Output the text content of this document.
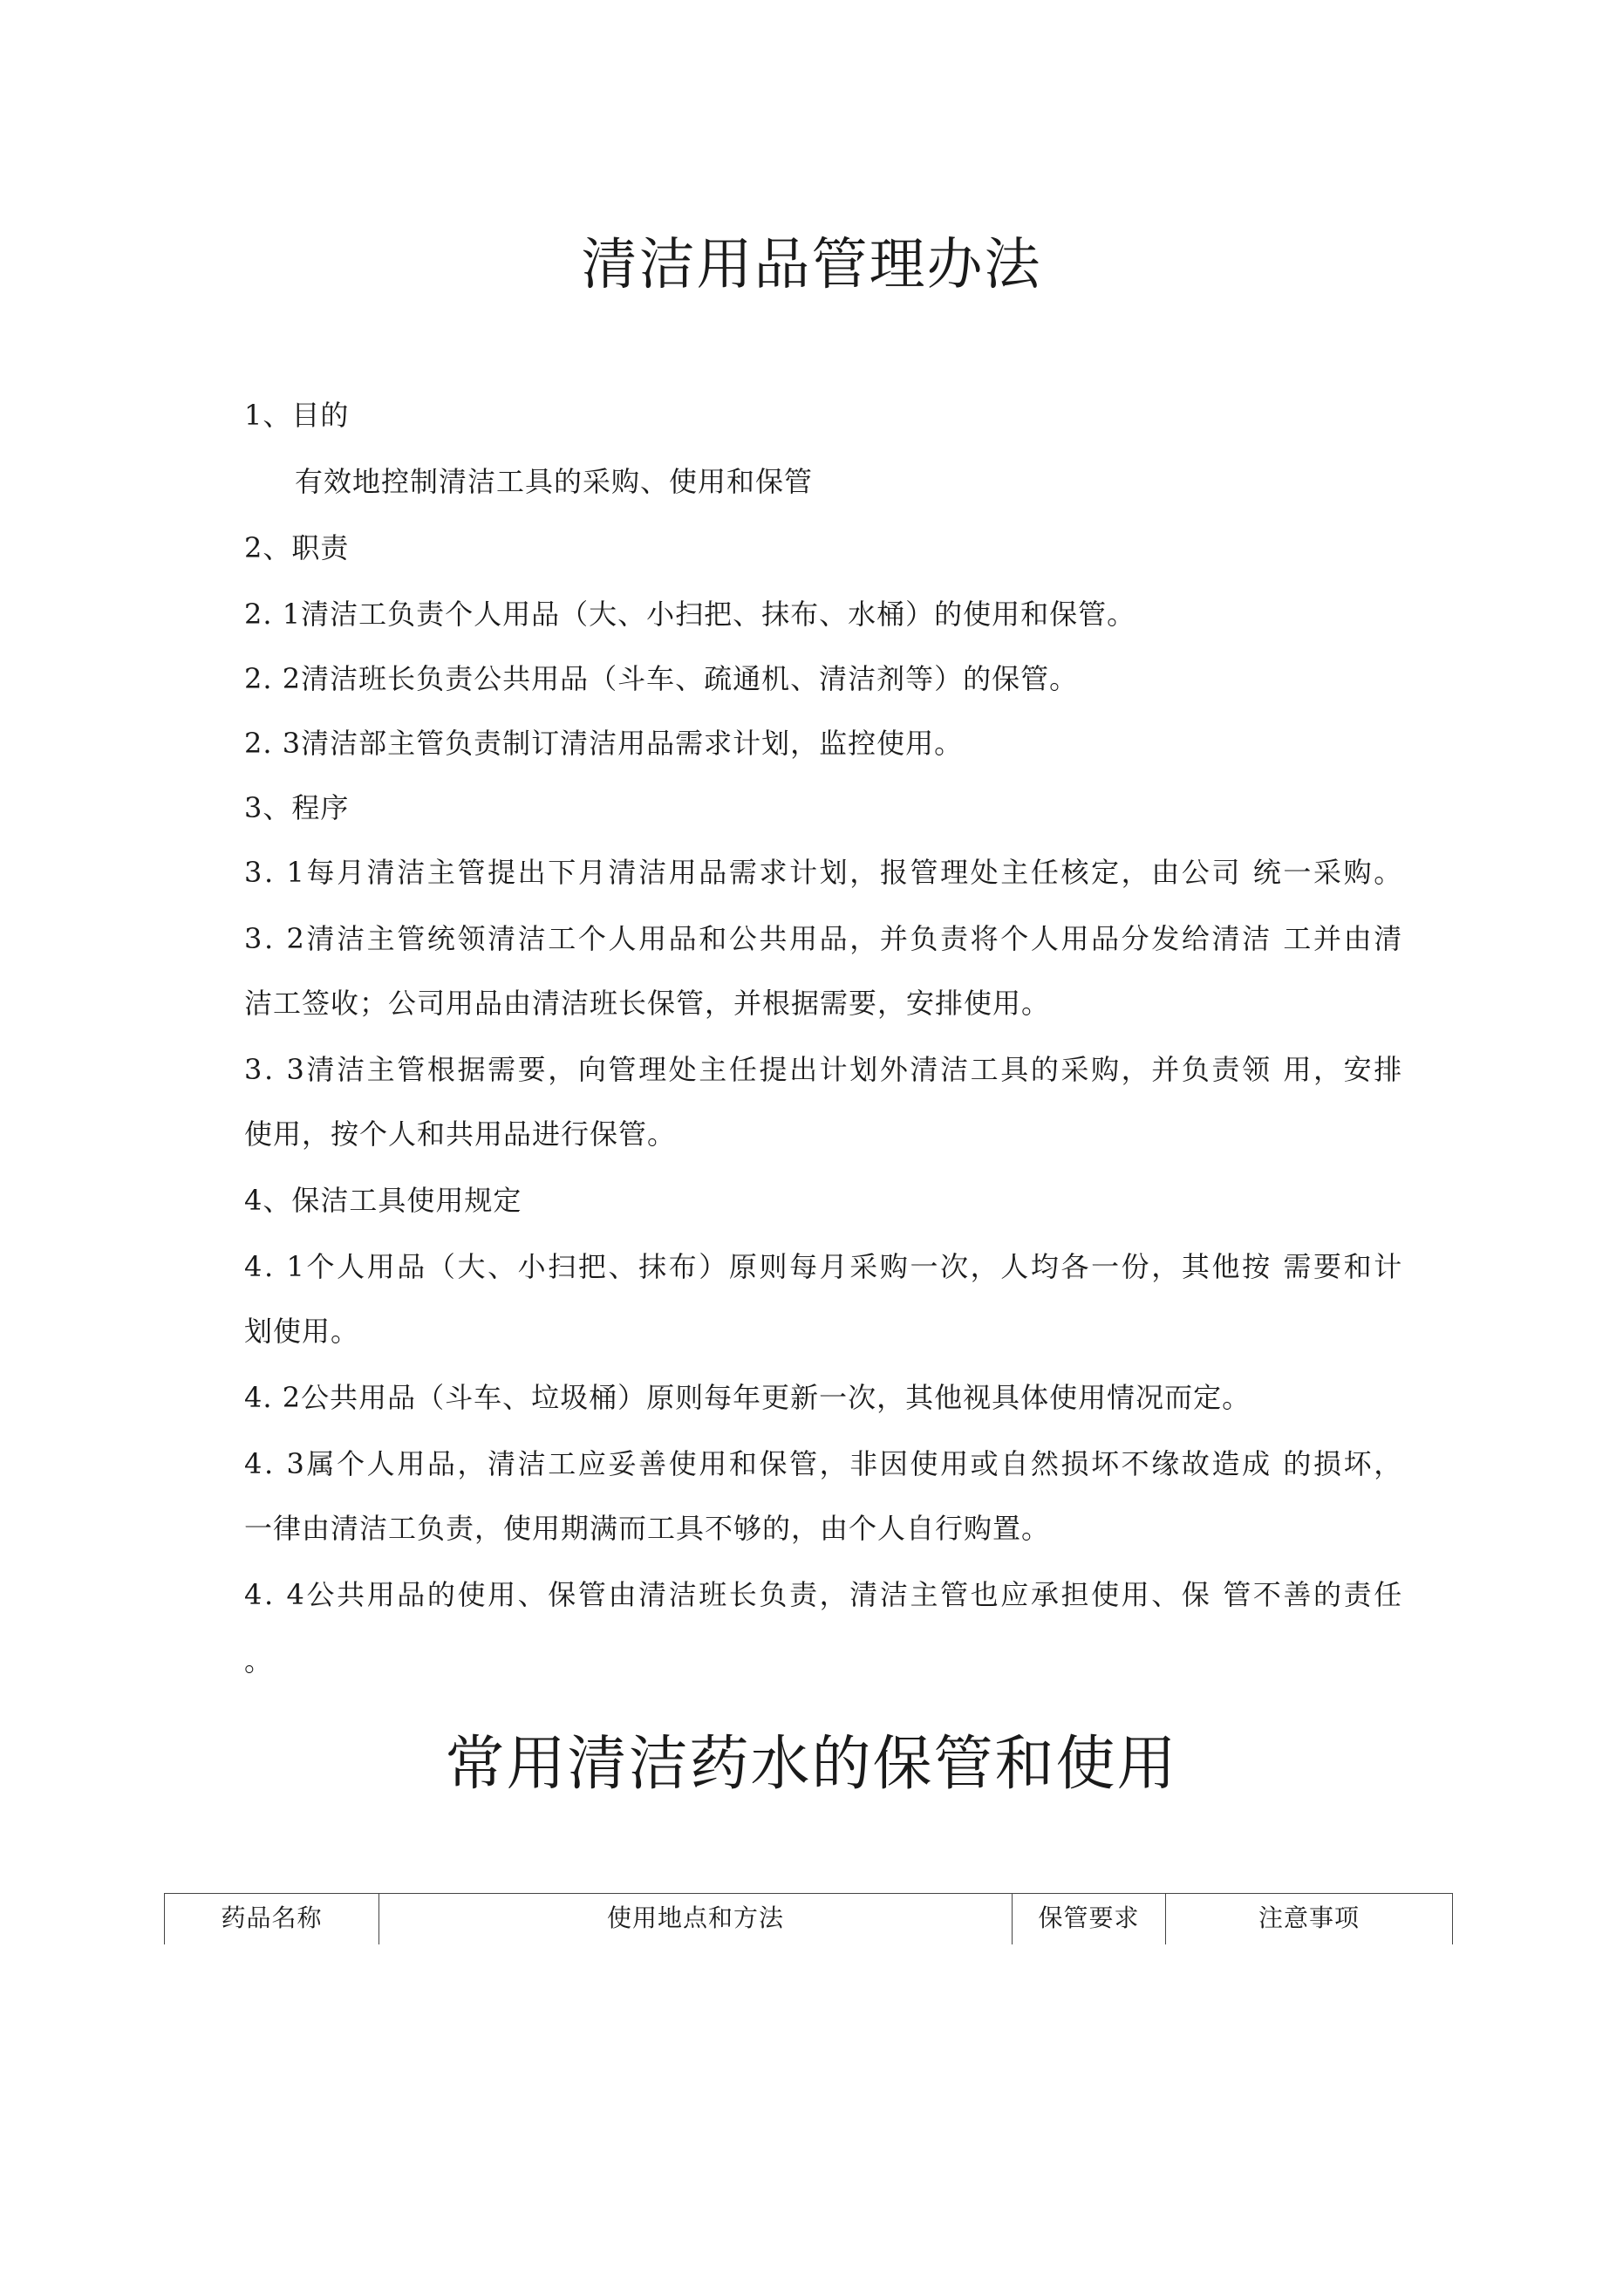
清洁用品管理办法
1、目的
有效地控制清洁工具的采购、使用和保管
2、职责
2. 1清洁工负责个人用品（大、小扫把、抹布、水桶）的使用和保管。
2. 2清洁班长负责公共用品（斗车、疏通机、清洁剂等）的保管。
2. 3清洁部主管负责制订清洁用品需求计划，监控使用。
3、程序
3. 1每月清洁主管提出下月清洁用品需求计划，报管理处主任核定，由公司 统一采购。
3. 2清洁主管统领清洁工个人用品和公共用品，并负责将个人用品分发给清洁 工并由清
洁工签收；公司用品由清洁班长保管，并根据需要，安排使用。
3. 3清洁主管根据需要，向管理处主任提出计划外清洁工具的采购，并负责领 用，安排
使用，按个人和共用品进行保管。
4、保洁工具使用规定
4. 1个人用品（大、小扫把、抹布）原则每月采购一次，人均各一份，其他按 需要和计
划使用。
4. 2公共用品（斗车、垃圾桶）原则每年更新一次，其他视具体使用情况而定。
4. 3属个人用品，清洁工应妥善使用和保管，非因使用或自然损坏不缘故造成 的损坏，
一律由清洁工负责，使用期满而工具不够的，由个人自行购置。
4. 4公共用品的使用、保管由清洁班长负责，清洁主管也应承担使用、保 管不善的责任
。
常用清洁药水的保管和使用
药品名称	使用地点和方法	保管要求	注意事项
